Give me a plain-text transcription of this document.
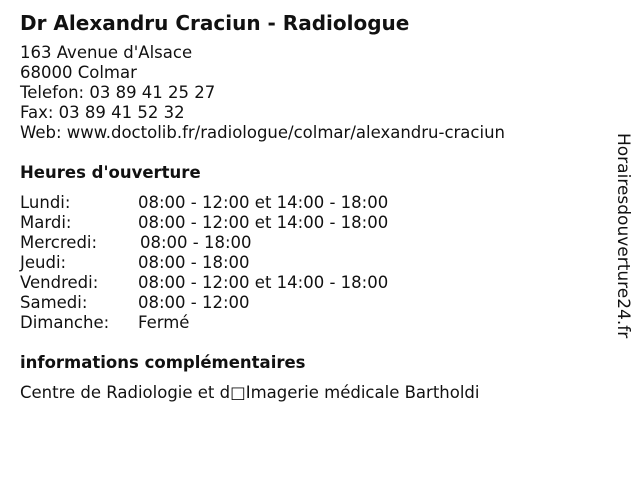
Dr Alexandru Craciun - Radiologue
163 Avenue d'Alsace
68000 Colmar
Telefon: 03 89 41 25 27
Fax: 03 89 41 52 32
Web: www.doctolib.fr/radiologue/colmar/alexandru-craciun
Heures d'ouverture
Lundi:	08:00 - 12:00 et 14:00 - 18:00
Mardi:	08:00 - 12:00 et 14:00 - 18:00
Mercredi:	08:00 - 18:00
Jeudi:	08:00 - 18:00
Vendredi: 08:00 - 12:00 et 14:00 - 18:00
Samedi:	08:00 - 12:00
Dimanche: Fermé
informations complémentaires
Centre de Radiologie et d□Imagerie médicale Bartholdi
Horairesdouverture24.fr
